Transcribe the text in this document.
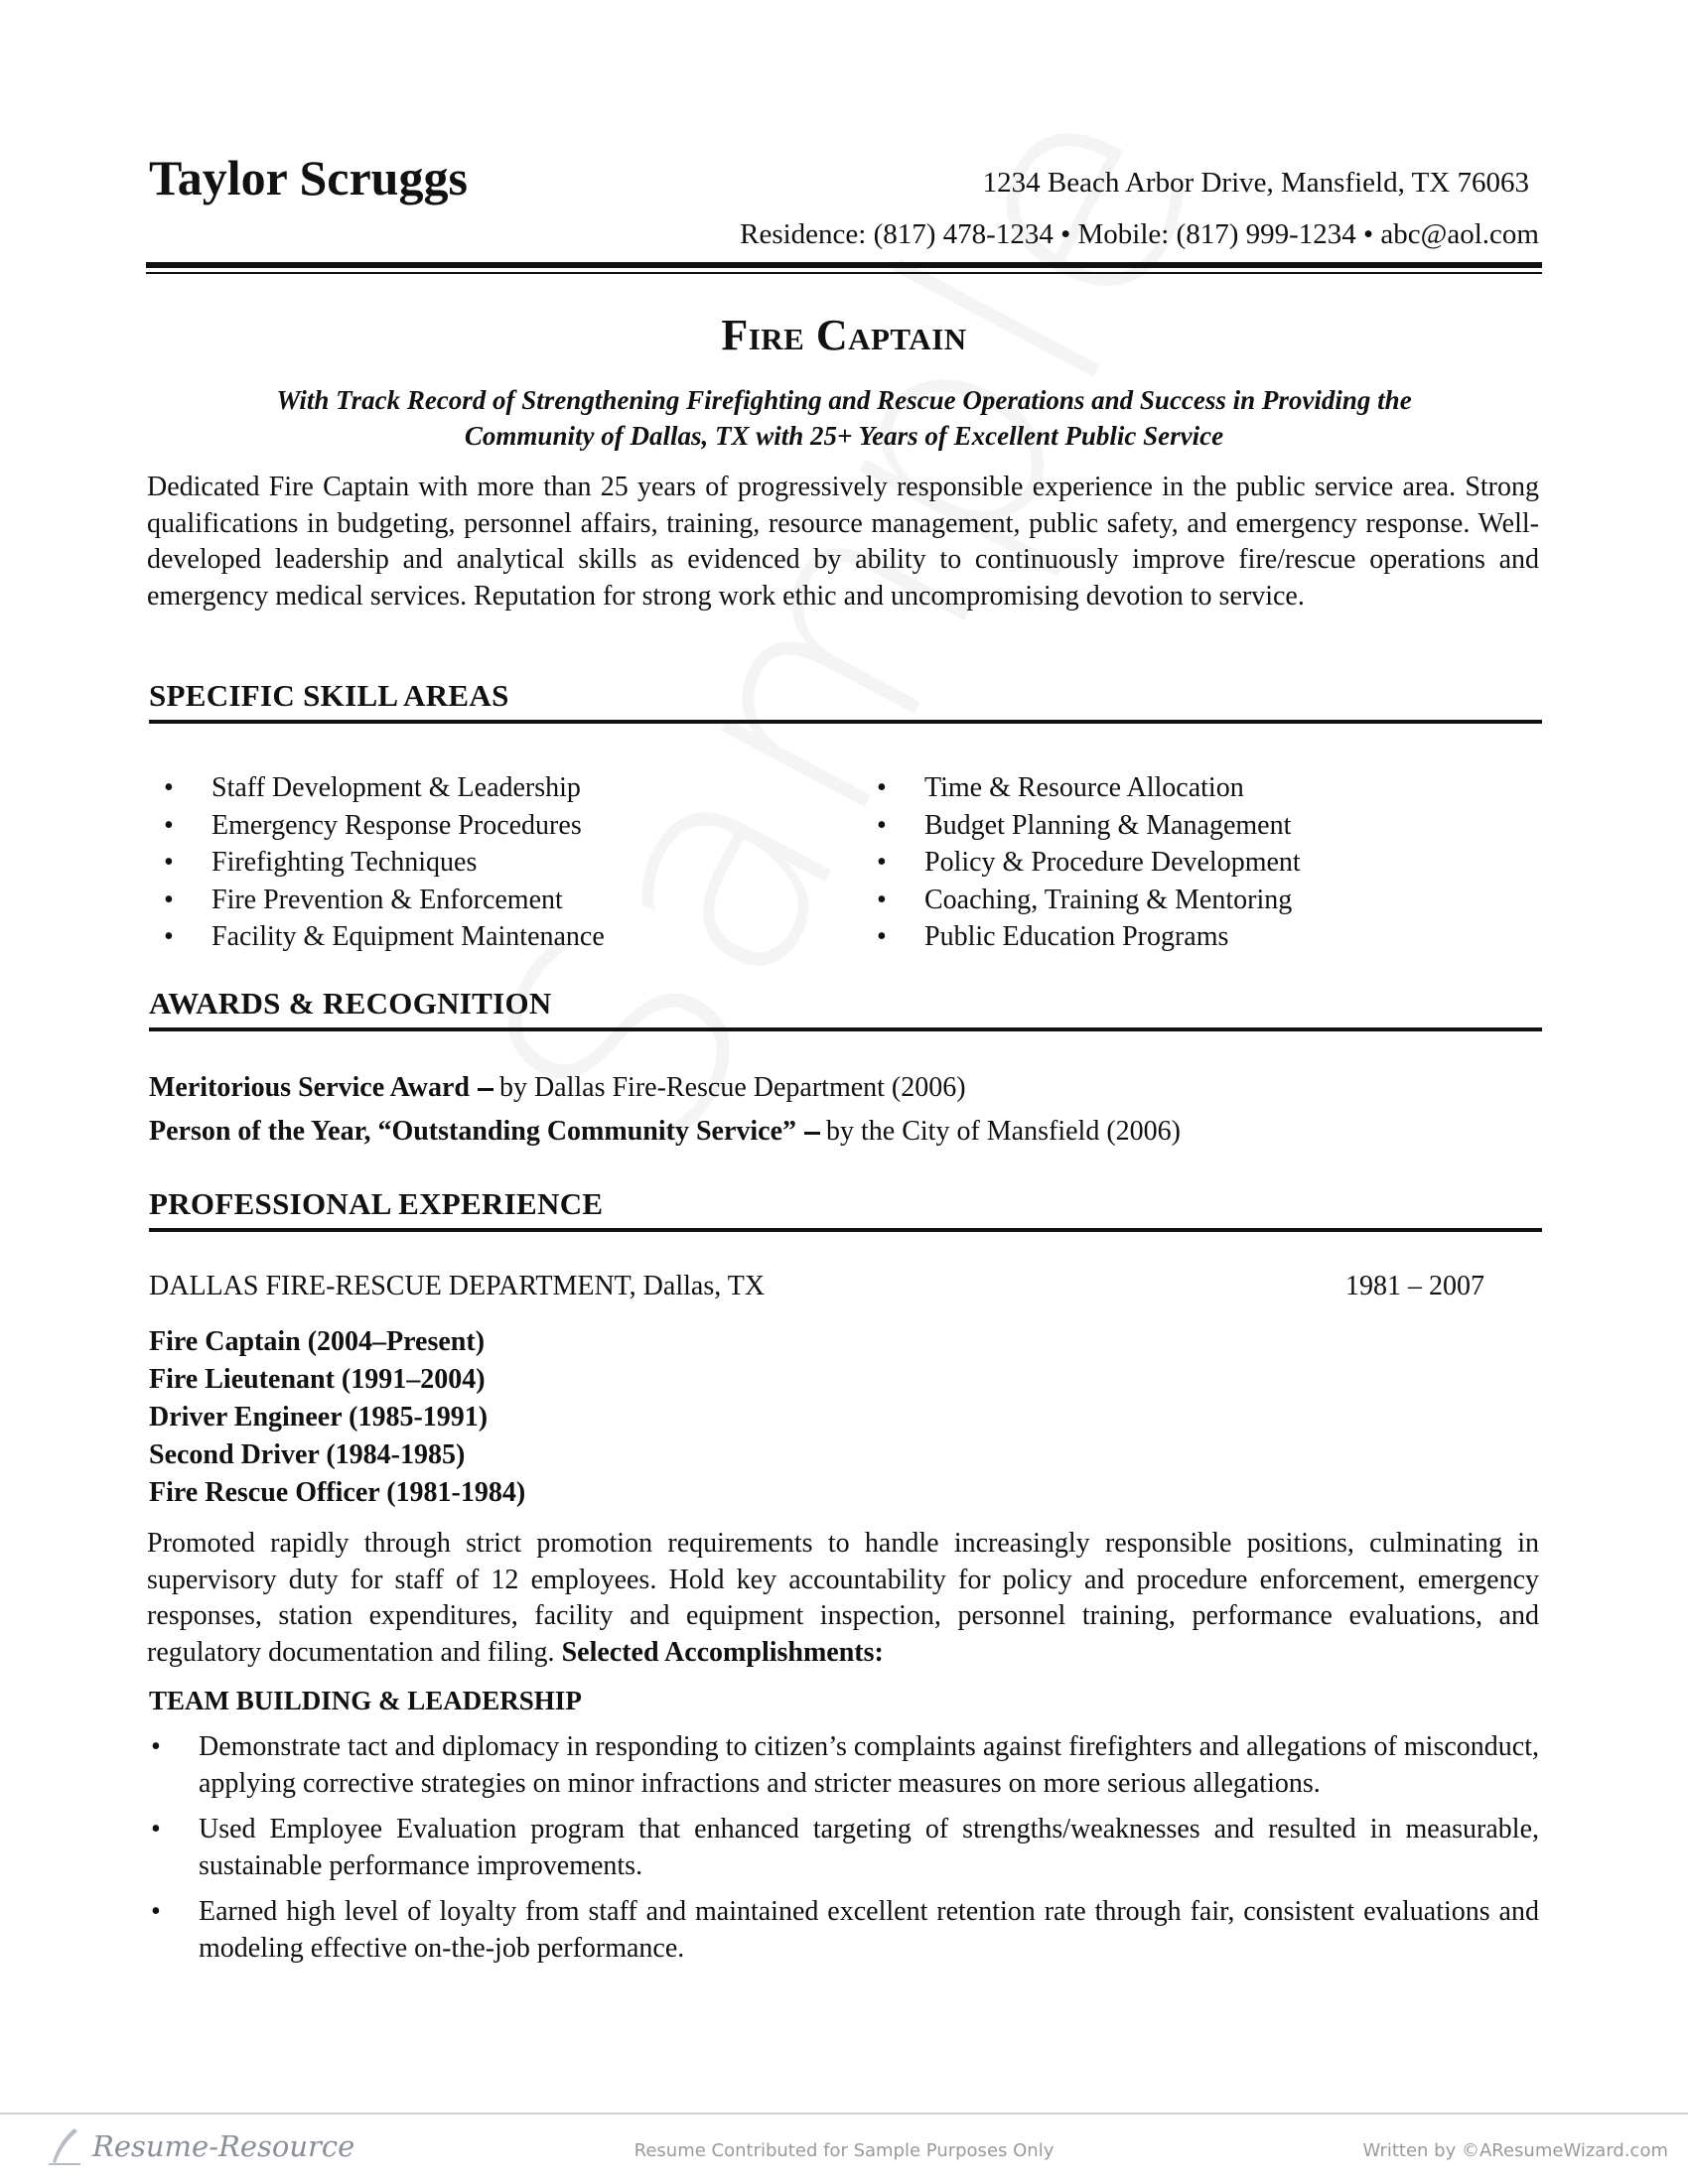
Taylor Scruggs	1234 Beach Arbor Drive, Mansfield, TX 76063
Residence: (817) 478-1234 • Mobile: (817) 999-1234 • abc@aol.com
Fire Captain
With Track Record of Strengthening Firefighting and Rescue Operations and Success in Providing the
Community of Dallas, TX with 25+ Years of Excellent Public Service
Dedicated Fire Captain with more than 25 years of progressively responsible experience in the public service area. Strong qualifications in budgeting, personnel affairs, training, resource management, public safety, and emergency response. Well-developed leadership and analytical skills as evidenced by ability to continuously improve fire/rescue operations and emergency medical services. Reputation for strong work ethic and uncompromising devotion to service.
SPECIFIC SKILL AREAS
• Staff Development & Leadership
• Emergency Response Procedures
• Firefighting Techniques
• Fire Prevention & Enforcement
• Facility & Equipment Maintenance
• Time & Resource Allocation
• Budget Planning & Management
• Policy & Procedure Development
• Coaching, Training & Mentoring
• Public Education Programs
AWARDS & RECOGNITION
Meritorious Service Award by Dallas Fire-Rescue Department (2006)
Person of the Year, “Outstanding Community Service” by the City of Mansfield (2006)
PROFESSIONAL EXPERIENCE
DALLAS FIRE-RESCUE DEPARTMENT, Dallas, TX	1981 – 2007
Fire Captain (2004–Present)
Fire Lieutenant (1991–2004)
Driver Engineer (1985-1991)
Second Driver (1984-1985)
Fire Rescue Officer (1981-1984)
Promoted rapidly through strict promotion requirements to handle increasingly responsible positions, culminating in supervisory duty for staff of 12 employees. Hold key accountability for policy and procedure enforcement, emergency responses, station expenditures, facility and equipment inspection, personnel training, performance evaluations, and regulatory documentation and filing. Selected Accomplishments:
TEAM BUILDING & LEADERSHIP
• Demonstrate tact and diplomacy in responding to citizen’s complaints against firefighters and allegations of misconduct, applying corrective strategies on minor infractions and stricter measures on more serious allegations.
• Used Employee Evaluation program that enhanced targeting of strengths/weaknesses and resulted in measurable, sustainable performance improvements.
• Earned high level of loyalty from staff and maintained excellent retention rate through fair, consistent evaluations and modeling effective on-the-job performance.
Resume-Resource	Resume Contributed for Sample Purposes Only	Written by ©AResumeWizard.com
